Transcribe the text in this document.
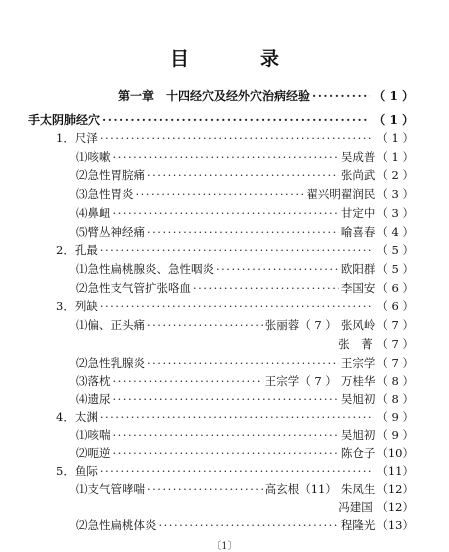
目　录
第一章　十四经穴及经外穴治病经验 ·····	（ 1 ）
手太阴肺经穴 ·····	（ 1 ）
1． 尺泽 ·····	（ 1 ）
⑴ 咳嗽 ·····	吴成普 （ 1 ）
⑵ 急性胃脘痛 ·····	张尚武 （ 2 ）
⑶ 急性胃炎 ·····	翟兴明翟润民 （ 3 ）
⑷ 鼻衄 ·····	甘定中 （ 3 ）
⑸ 臂丛神经痛 ·····	喻喜春 （ 4 ）
2． 孔最 ·····	（ 5 ）
⑴ 急性扁桃腺炎、急性咽炎 ·····	欧阳群 （ 5 ）
⑵ 急性支气管扩张咯血 ·····	李国安 （ 6 ）
3． 列缺 ·····	（ 6 ）
⑴ 偏、正头痛 ·····	张丽蓉（ 7 ） 张风岭 （ 7 ）
张　菁 （ 7 ）
⑵ 急性乳腺炎 ·····	王宗学 （ 7 ）
⑶ 落枕 ·····	王宗学（ 7 ） 万桂华 （ 8 ）
⑷ 遗尿 ·····	吴旭初 （ 8 ）
4． 太渊 ·····	（ 9 ）
⑴ 咳喘 ·····	吴旭初 （ 9 ）
⑵ 呃逆 ·····	陈仓子 （10）
5． 鱼际 ·····	（11）
⑴ 支气管哮喘 ·····	高玄根（11） 朱凤生 （12）
冯建国 （12）
⑵ 急性扁桃体炎 ·····	程隆光 （13）
〔1〕
